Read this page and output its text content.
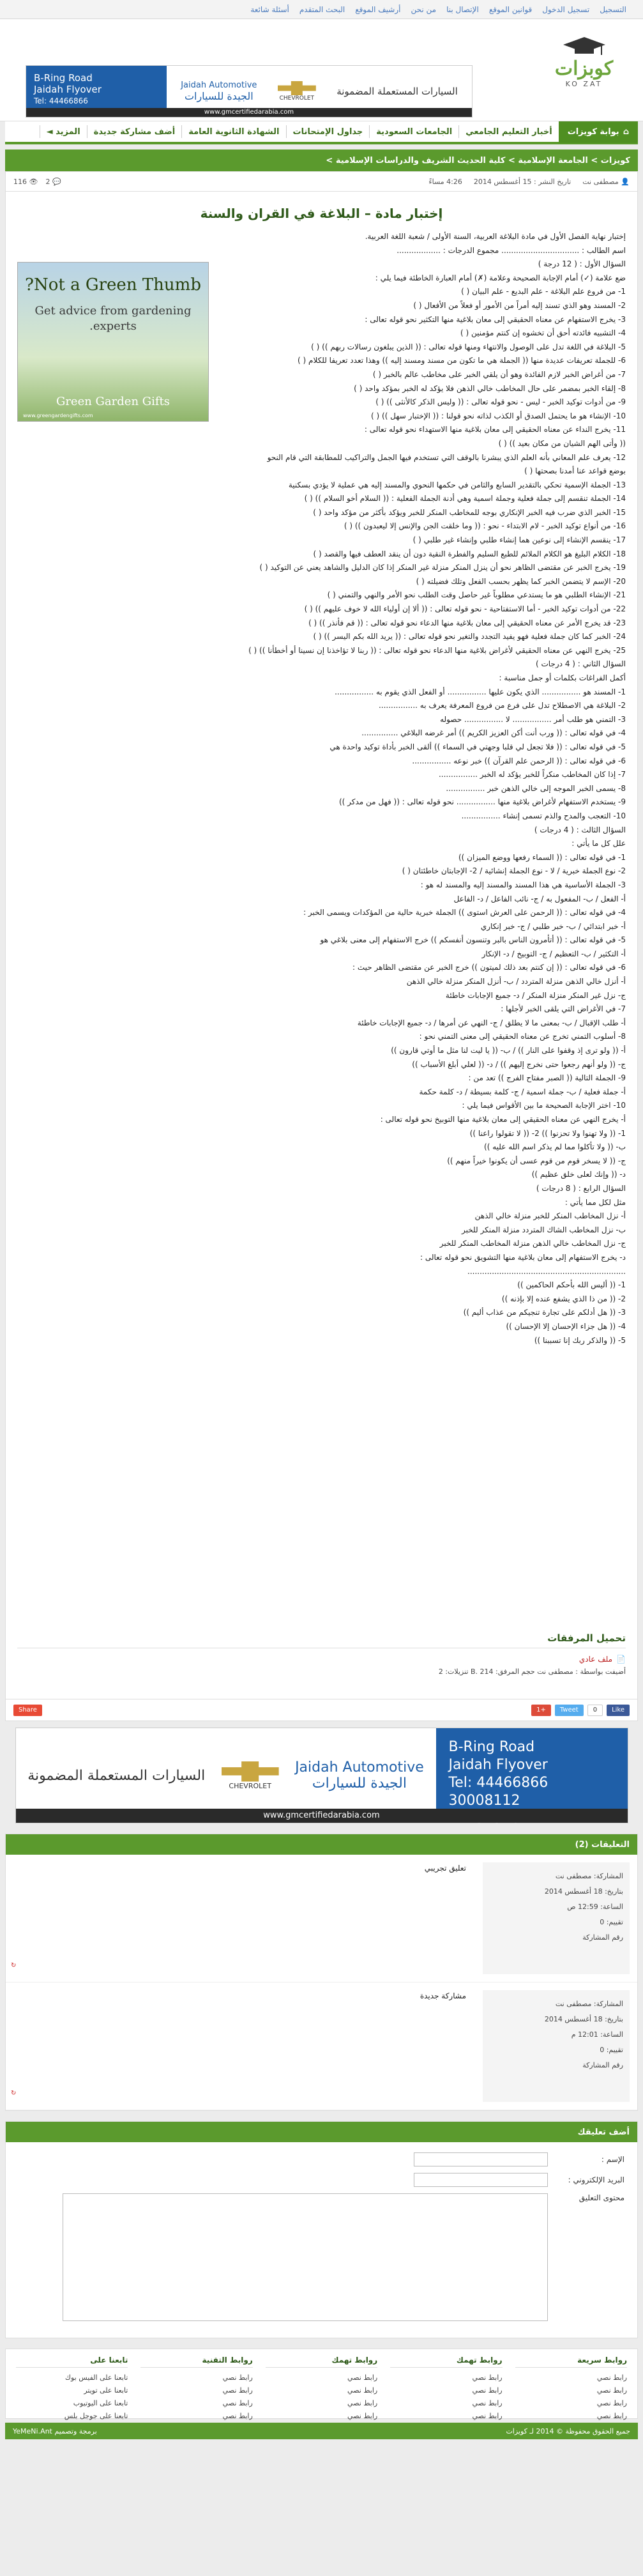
التسجيل
تسجيل الدخول
قوانين الموقع
الإتصال بنا
من نحن
أرشيف الموقع
البحث المتقدم
أسئلة شائعة
كوبزات
KO ZAT
السيارات المستعملة المضمونة
CHEVROLET
Jaidah Automotive
الجيدة للسيارات
B-Ring Road
Jaidah Flyover
Tel: 44466866
www.gmcertifiedarabia.com
⌂
بوابة كويزات
أخبار التعليم الجامعي
الجامعات السعودية
جداول الإمتحانات
الشهادة الثانوية العامة
أضف مشاركة جديدة
المزيد ◄
كويزات > الجامعة الإسلامية > كلية الحديث الشريف والدراسات الإسلامية >
👤 مصطفى نت
تاريخ النشر : 15 أغسطس 2014
4:26 مساءً
💬 2
👁 116
إختبار مادة – البلاغة في القران والسنة
Not a Green Thumb?
Get advice from gardening experts.
Green Garden Gifts
www.greengardengifts.com
إختبار نهاية الفصل الأول في مادة البلاغة العربية، السنة الأولى / شعبة اللغة العربية.
اسم الطالب : ................................ مجموع الدرجات : ..................
السؤال الأول : ( 12 درجة )
ضع علامة (✓) أمام الإجابة الصحيحة وعلامة (✗) أمام العبارة الخاطئة فيما يلي :
1- من فروع علم البلاغة - علم البديع - علم البيان ( )
2- المسند وهو الذي تسند إليه أمراً من الأمور أو فعلاً من الأفعال ( )
3- يخرج الاستفهام عن معناه الحقيقي إلى معان بلاغية منها التكثير نحو قوله تعالى :
4- التشبيه فائدته أحق أن تخشوه إن كنتم مؤمنين ( )
5- البلاغة في اللغة تدل على الوصول والانتهاء ومنها قوله تعالى : (( الذين يبلغون رسالات ربهم )) ( )
6- للجملة تعريفات عديدة منها (( الجملة هي ما تكون من مسند ومسند إليه )) وهذا تعدد تعريفا للكلام ( )
7- من أغراض الخبر لازم الفائدة وهو أن يلقي الخبر على مخاطب عالم بالخبر ( )
8- إلقاء الخبر بمضمر على حال المخاطب خالي الذهن فلا يؤكد له الخبر بمؤكد واحد ( )
9- من أدوات توكيد الخبر - ليس - نحو قوله تعالى : (( وليس الذكر كالأنثى )) ( )
10- الإنشاء هو ما يحتمل الصدق أو الكذب لذاته نحو قولنا : (( الإختبار سهل )) ( )
11- يخرج النداء عن معناه الحقيقي إلى معان بلاغية منها الاستهداء نحو قوله تعالى :
(( وأتى الهم الشيان من مكان بعيد )) ( )
12- يعرف علم المعاني بأنه العلم الذي يبشرنا بالوقف التي تستخدم فيها الجمل والتراكيب للمطابقة التي قام النحو
بوضع قواعد عنا أمدنا بصحتها ( )
13- الجملة الإسمية تحكي بالتقدير السابع والثامن في حكمها النحوي والمسند إليه هي عملية لا يؤدي بسكنية
14- الجملة تنقسم إلى جملة فعلية وجملة اسمية وهي أدنة الجملة الفعلية : (( السلام أخو السلام )) ( )
15- الخبر الذي ضرب فيه الخبر الإنكاري بوجه للمخاطب المنكر للخبر ويؤكد بأكثر من مؤكد واحد ( )
16- من أنواع توكيد الخبر - لام الابتداء - نحو : (( وما خلقت الجن والإنس إلا ليعبدون )) ( )
17- ينقسم الإنشاء إلى نوعين هما إنشاء طلبي وإنشاء غير طلبي ( )
18- الكلام البليغ هو الكلام الملائم للطبع السليم والفطرة النقية دون أن ينقد العطف فيها والقصد ( )
19- يخرج الخبر عن مقتضى الظاهر نحو أن ينزل المنكر منزلة غير المنكر إذا كان الدليل والشاهد يعني عن التوكيد ( )
20- الإسم لا يتضمن الخبر كما يظهر بحسب الفعل وتلك فضيلته ( )
21- الإنشاء الطلبي هو ما يستدعي مطلوباً غير حاصل وقت الطلب نحو الأمر والنهي والتمني ( )
22- من أدوات توكيد الخبر - أما الاستفتاحية - نحو قوله تعالى : (( ألا إن أولياء الله لا خوف عليهم )) ( )
23- قد يخرج الأمر عن معناه الحقيقي إلى معان بلاغية منها الدعاء نحو قوله تعالى : (( قم فأنذر )) ( )
24- الخبر كما كان جملة فعلية فهو يفيد التجدد والتغير نحو قوله تعالى : (( يريد الله بكم اليسر )) ( )
25- يخرج النهي عن معناه الحقيقي لأغراض بلاغية منها الدعاء نحو قوله تعالى : (( ربنا لا تؤاخذنا إن نسينا أو أخطأنا )) ( )
السؤال الثاني : ( 4 درجات )
أكمل الفراغات بكلمات أو جمل مناسبة :
1- المسند هو ................ الذي يكون عليها ................ أو الفعل الذي يقوم به ................
2- البلاغة هي الاصطلاح تدل على فرع من فروع المعرفة يعرف به ................
3- التمني هو طلب أمر ................ لا ................ حصوله
4- في قوله تعالى : (( ورب أنت أكن العزيز الكريم )) أمر غرضه البلاغي ...............
5- في قوله تعالى : (( فلا تجعل لي قلبا وجهتي في السماء )) ألقى الخبر بأداة توكيد واحدة هي
6- في قوله تعالى : (( الرحمن علم القرآن )) خبر نوعه ................
7- إذا كان المخاطب منكراً للخبر يؤكد له الخبر ................
8- يسمى الخبر الموجه إلى خالي الذهن خبر ................
9- يستخدم الاستفهام لأغراض بلاغية منها ................ نحو قوله تعالى : (( فهل من مدكر ))
10- التعجب والمدح والذم تسمى إنشاء ................
السؤال الثالث : ( 4 درجات )
علل كل ما يأتي :
1- في قوله تعالى : (( السماء رفعها ووضع الميزان ))
2- نوع الجملة خبرية / لا - نوع الجملة إنشائية / 2- الإجابتان خاطئتان ( )
3- الجملة الأساسية هي هذا المسند والمسند إليه والمسند له هو :
أ- الفعل / ب- المفعول به / ج- نائب الفاعل / د- الفاعل
4- في قوله تعالى : (( الرحمن على العرش استوى )) الجملة خبرية حالية من المؤكدات ويسمى الخبر :
أ- خبر ابتدائي / ب- خبر طلبي / ج- خبر إنكاري
5- في قوله تعالى : (( أتأمرون الناس بالبر وتنسون أنفسكم )) خرج الاستفهام إلى معنى بلاغي هو
أ- التكثير / ب- التعظيم / ج- التوبيخ / د- الإنكار
6- في قوله تعالى : (( إن كنتم بعد ذلك لميتون )) خرج الخبر عن مقتضى الظاهر حيث :
أ- أنزل خالي الذهن منزلة المتردد / ب- أنزل المنكر منزلة خالي الذهن
ج- نزل غير المنكر منزلة المنكر / د- جميع الإجابات خاطئة
7- في الأغراض التي يلقى الخبر لأجلها :
أ- طلب الإقبال / ب- بمعنى ما لا يطلق / ج- النهي عن أمرها / د- جميع الإجابات خاطئة
8- أسلوب التمني تخرج عن معناه الحقيقي إلى معنى التمني نحو :
أ- (( ولو ترى إذ وقفوا على النار )) / ب- (( يا ليت لنا مثل ما أوتي قارون ))
ج- (( ولو أنهم رجعوا حتى نخرج إليهم )) / د- (( لعلي أبلغ الأسباب ))
9- الجملة التالية (( الصبر مفتاح الفرج )) تعد من :
أ- جملة فعلية / ب- جملة اسمية / ج- كلمة بسيطة / د- كلمة حكمة
10- اختر الإجابة الصحيحة ما بين الأقواس فيما يلي :
أ- يخرج النهي عن معناه الحقيقي إلى معان بلاغية منها التوبيخ نحو قوله تعالى :
1- (( ولا تهنوا ولا تحزنوا )) 2- (( لا تقولوا راعنا ))
ب- (( ولا تأكلوا مما لم يذكر اسم الله عليه ))
ج- (( لا يسخر قوم من قوم عسى أن يكونوا خيراً منهم ))
د- (( وإنك لعلى خلق عظيم ))
السؤال الرابع : ( 8 درجات )
مثل لكل مما يأتي :
أ- نزل المخاطب المنكر للخبر منزلة خالي الذهن
ب- نزل المخاطب الشاك المتردد منزلة المنكر للخبر
ج- نزل المخاطب خالي الذهن منزلة المخاطب المنكر للخبر
د- يخرج الاستفهام إلى معان بلاغية منها التشويق نحو قوله تعالى :
.................................................................
1- (( أليس الله بأحكم الحاكمين ))
2- (( من ذا الذي يشفع عنده إلا بإذنه ))
3- (( هل أدلكم على تجارة تنجيكم من عذاب أليم ))
4- (( هل جزاء الإحسان إلا الإحسان ))
5- (( والذكر ربك إنا تسببنا ))
تحميل المرفقات
📄
ملف عادي
أضيفت بواسطة : مصطفى نت حجم المرفق: 214 .B تنزيلات: 2
Like
0
Tweet
+1
Share
B-Ring Road
Jaidah Flyover
Tel: 44466866
30008112
Jaidah Automotive
الجيدة للسيارات
CHEVROLET
السيارات المستعملة المضمونة
www.gmcertifiedarabia.com
التعليقات (2)
المشاركة: مصطفى نت
بتاريخ: 18 أغسطس 2014
الساعة: 12:59 ص
تقييم: 0
رقم المشاركة
تعليق تجريبي
↻
المشاركة: مصطفى نت
بتاريخ: 18 أغسطس 2014
الساعة: 12:01 م
تقييم: 0
رقم المشاركة
مشاركة جديدة
↻
أضف تعليقك
الإسم :
البريد الإلكتروني :
محتوى التعليق
روابط سريعة
رابط نصي
رابط نصي
رابط نصي
رابط نصي
روابط تهمك
رابط نصي
رابط نصي
رابط نصي
رابط نصي
روابط تهمك
رابط نصي
رابط نصي
رابط نصي
رابط نصي
روابط التقنية
رابط نصي
رابط نصي
رابط نصي
رابط نصي
تابعنا على
تابعنا على الفيس بوك
تابعنا على تويتر
تابعنا على اليوتيوب
تابعنا على جوجل بلس
جميع الحقوق محفوظة © 2014 لـ كويزات
برمجة وتصميم YeMeNi.Ant
